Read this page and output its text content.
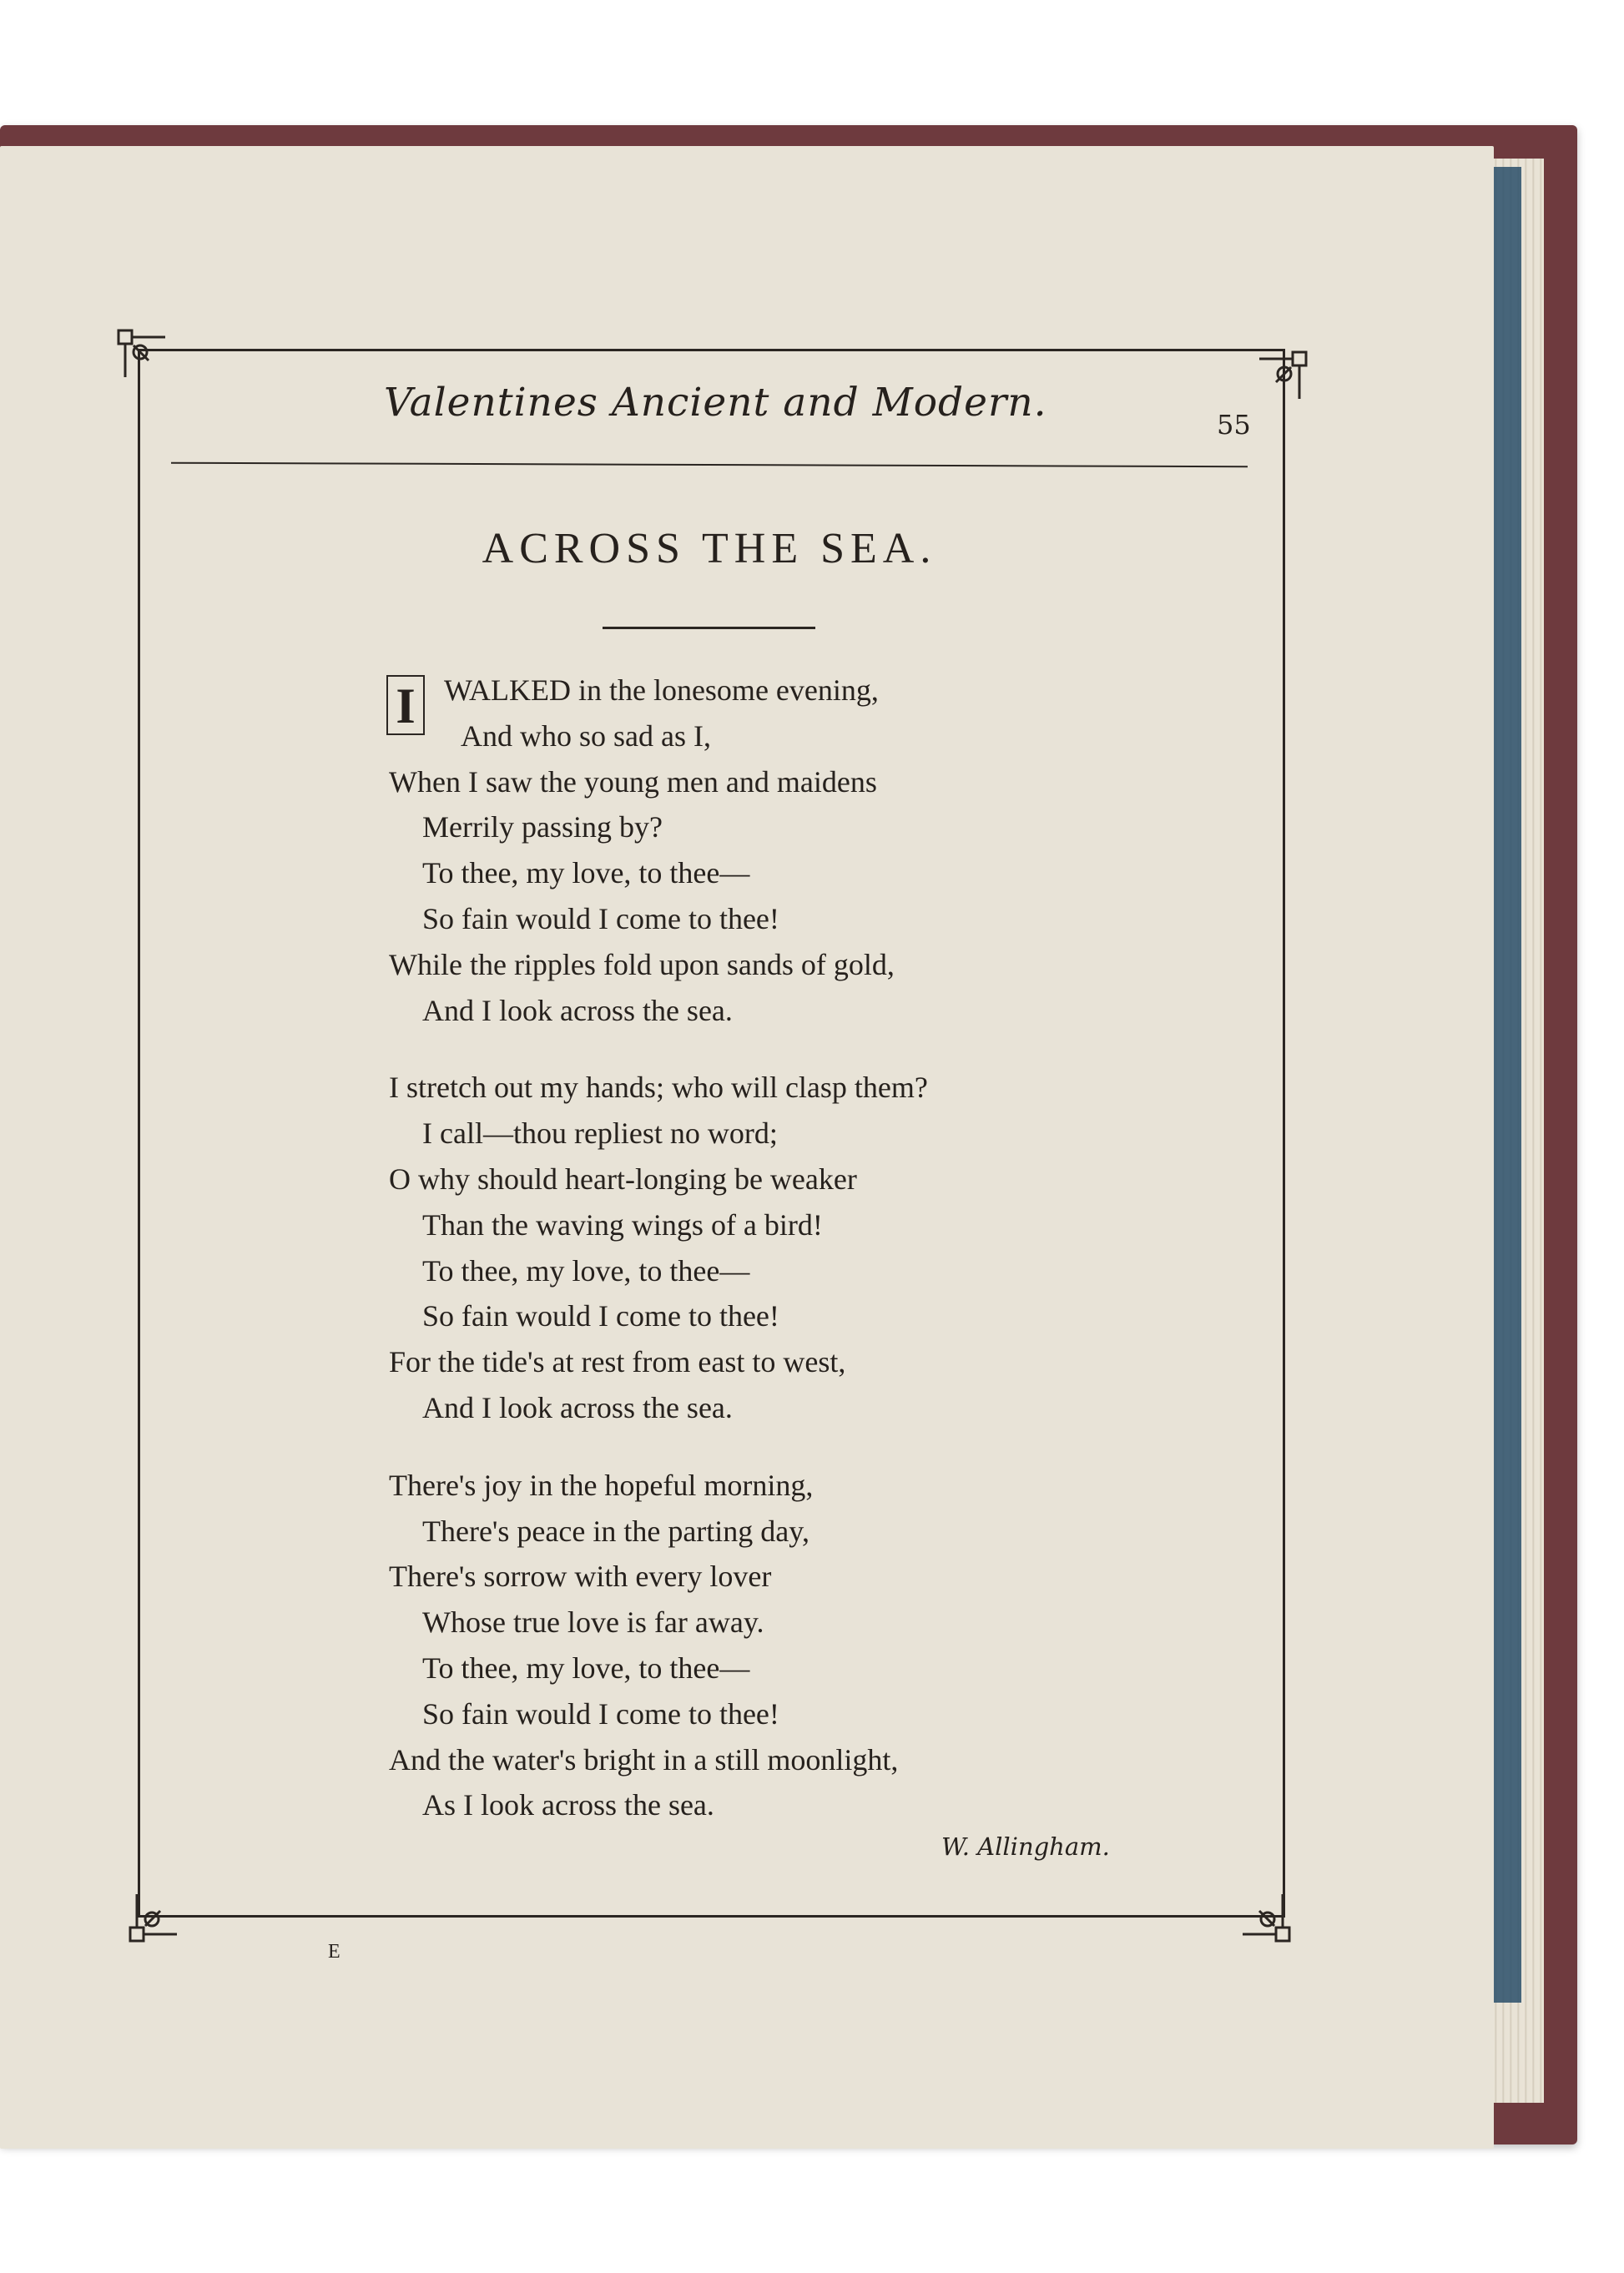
Valentines Ancient and Modern.	55
ACROSS THE SEA.
I WALKED in the lonesome evening,
And who so sad as I,
When I saw the young men and maidens
Merrily passing by?
To thee, my love, to thee—
So fain would I come to thee!
While the ripples fold upon sands of gold,
And I look across the sea.
I stretch out my hands; who will clasp them?
I call—thou repliest no word;
O why should heart-longing be weaker
Than the waving wings of a bird!
To thee, my love, to thee—
So fain would I come to thee!
For the tide's at rest from east to west,
And I look across the sea.
There's joy in the hopeful morning,
There's peace in the parting day,
There's sorrow with every lover
Whose true love is far away.
To thee, my love, to thee—
So fain would I come to thee!
And the water's bright in a still moonlight,
As I look across the sea.
W. Allingham.
E
